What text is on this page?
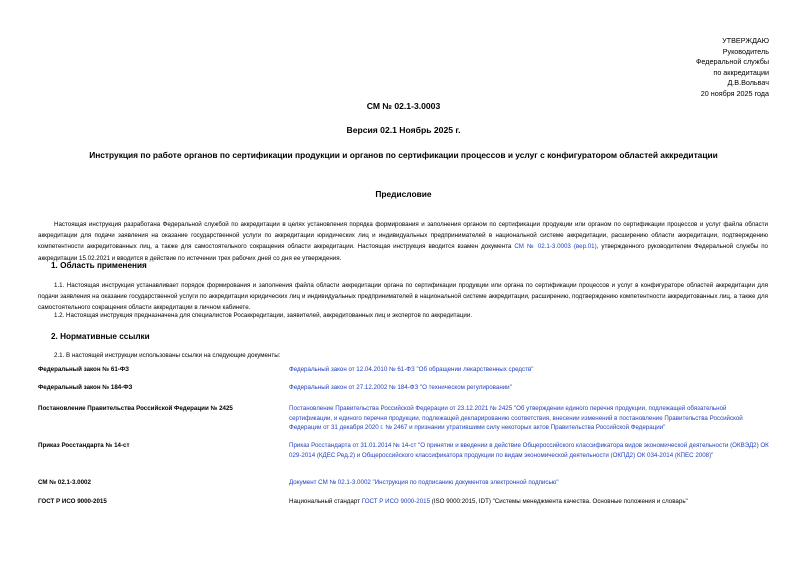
УТВЕРЖДАЮ
Руководитель
Федеральной службы
по аккредитации
Д.В.Вольвач
20 ноября 2025 года
СМ № 02.1-3.0003
Версия 02.1 Ноябрь 2025 г.
Инструкция по работе органов по сертификации продукции и органов по сертификации процессов и услуг с конфигуратором областей аккредитации
Предисловие
Настоящая инструкция разработана Федеральной службой по аккредитации в целях установления порядка формирования и заполнения органом по сертификации продукции или органом по сертификации процессов и услуг файла области аккредитации для подачи заявления на оказание государственной услуги по аккредитации юридических лиц и индивидуальных предпринимателей в национальной системе аккредитации, расширению области аккредитации, подтверждению компетентности аккредитованных лиц, а также для самостоятельного сокращения области аккредитации. Настоящая инструкция вводится взамен документа СМ № 02.1-3.0003 (вер.01), утвержденного руководителем Федеральной службы по аккредитации 15.02.2021 и вводится в действие по истечении трех рабочих дней со дня ее утверждения.
1. Область применения
1.1. Настоящая инструкция устанавливает порядок формирования и заполнения файла области аккредитации органа по сертификации продукции или органа по сертификации процессов и услуг в конфигураторе областей аккредитации для подачи заявления на оказание государственной услуги по аккредитации юридических лиц и индивидуальных предпринимателей в национальной системе аккредитации, расширению, подтверждению компетентности аккредитованных лиц, а также для самостоятельного сокращения области аккредитации в личном кабинете.
1.2. Настоящая инструкция предназначена для специалистов Росаккредитации, заявителей, аккредитованных лиц и экспертов по аккредитации.
2. Нормативные ссылки
2.1. В настоящей инструкции использованы ссылки на следующие документы:
Федеральный закон № 61-ФЗ	Федеральный закон от 12.04.2010 № 61-ФЗ "Об обращении лекарственных средств"
Федеральный закон № 184-ФЗ	Федеральный закон от 27.12.2002 № 184-ФЗ "О техническом регулировании"
Постановление Правительства Российской Федерации № 2425	Постановление Правительства Российской Федерации от 23.12.2021 № 2425 "Об утверждении единого перечня продукции, подлежащей обязательной сертификации, и единого перечня продукции, подлежащей декларированию соответствия, внесении изменений в постановление Правительства Российской Федерации от 31 декабря 2020 г. № 2467 и признании утратившими силу некоторых актов Правительства Российской Федерации"
Приказ Росстандарта № 14-ст	Приказ Росстандарта от 31.01.2014 № 14-ст "О принятии и введении в действие Общероссийского классификатора видов экономической деятельности (ОКВЭД2) ОК 029-2014 (КДЕС Ред.2) и Общероссийского классификатора продукции по видам экономической деятельности (ОКПД2) ОК 034-2014 (КПЕС 2008)"
СМ № 02.1-3.0002	Документ СМ № 02.1-3.0002 "Инструкция по подписанию документов электронной подписью"
ГОСТ Р ИСО 9000-2015	Национальный стандарт ГОСТ Р ИСО 9000-2015 (ISO 9000:2015, IDT) "Системы менеджмента качества. Основные положения и словарь"
